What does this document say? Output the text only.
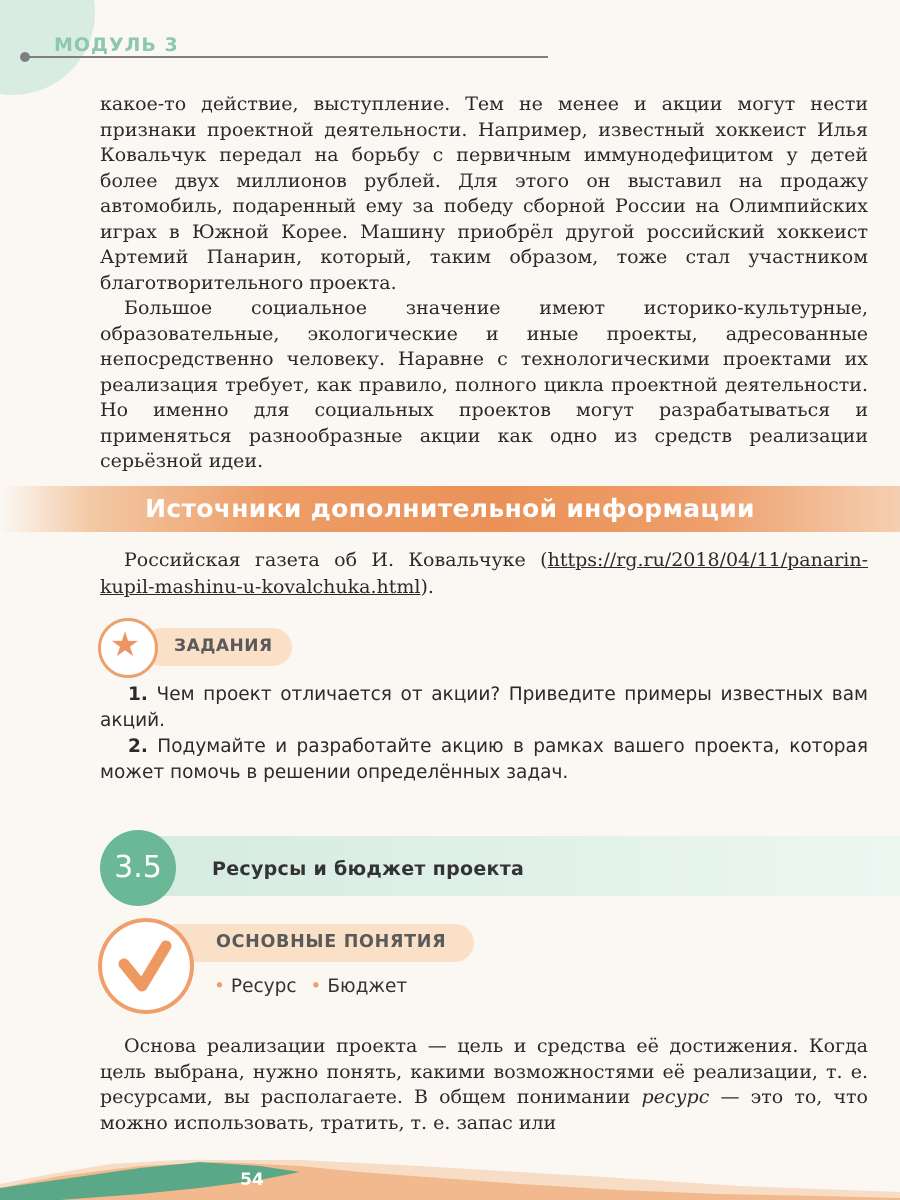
МОДУЛЬ 3

какое-то действие, выступление. Тем не менее и акции могут нести признаки проектной деятельности. Например, известный хоккеист Илья Ковальчук передал на борьбу с первичным иммунодефицитом у детей более двух миллионов рублей. Для этого он выставил на продажу автомобиль, подаренный ему за победу сборной России на Олимпийских играх в Южной Корее. Машину приобрёл другой российский хоккеист Артемий Панарин, который, таким образом, тоже стал участником благотворительного проекта.

Большое социальное значение имеют историко-культурные, образовательные, экологические и иные проекты, адресованные непосредственно человеку. Наравне с технологическими проектами их реализация требует, как правило, полного цикла проектной деятельности. Но именно для социальных проектов могут разрабатываться и применяться разнообразные акции как одно из средств реализации серьёзной идеи.

Источники дополнительной информации

Российская газета об И. Ковальчуке (https://rg.ru/2018/04/11/panarin-kupil-mashinu-u-kovalchuka.html).

★	ЗАДАНИЯ

1. Чем проект отличается от акции? Приведите примеры известных вам акций.

2. Подумайте и разработайте акцию в рамках вашего проекта, которая может помочь в решении определённых задач.

3.5	Ресурсы и бюджет проекта
ОСНОВНЫЕ ПОНЯТИЯ
• Ресурс • Бюджет

Основа реализации проекта — цель и средства её достижения. Когда цель выбрана, нужно понять, какими возможностями её реализации, т. е. ресурсами, вы располагаете. В общем понимании ресурс — это то, что можно использовать, тратить, т. е. запас или

54
